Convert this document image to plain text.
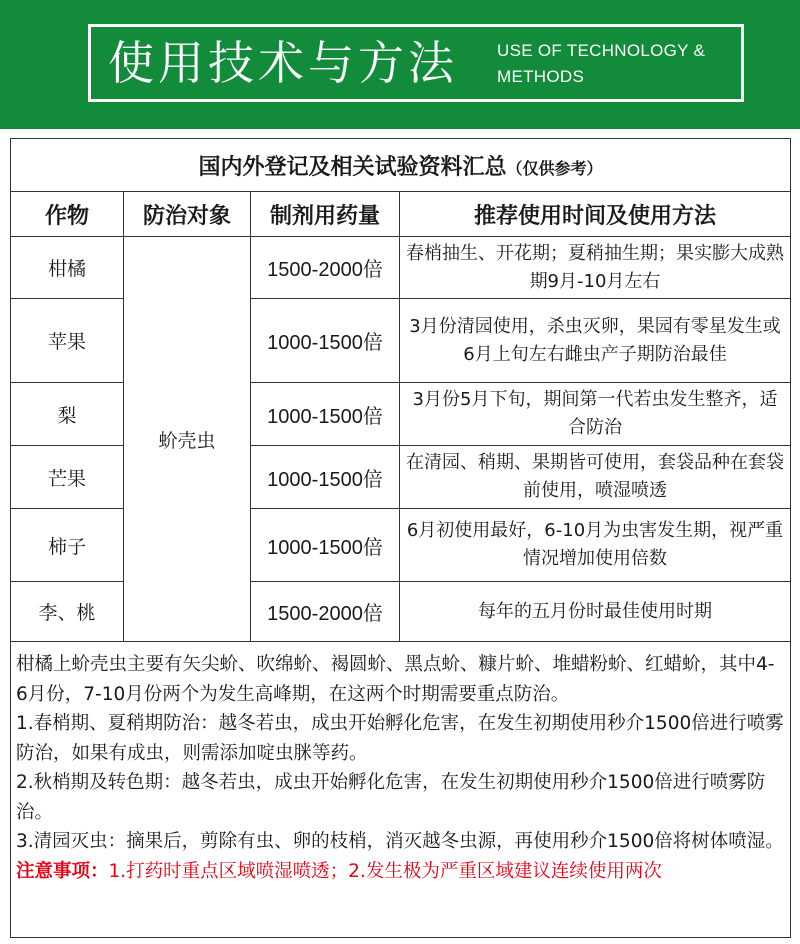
使用技术与方法 USE OF TECHNOLOGY &
METHODS
国内外登记及相关试验资料汇总（仅供参考）			
作物	防治对象	制剂用药量	推荐使用时间及使用方法
柑橘	蚧壳虫	1500-2000倍	春梢抽生、开花期；夏稍抽生期；果实膨大成熟期9月-10月左右
苹果		1000-1500倍	3月份清园使用，杀虫灭卵，果园有零星发生或6月上旬左右雌虫产子期防治最佳
梨		1000-1500倍	3月份5月下旬，期间第一代若虫发生整齐，适合防治
芒果		1000-1500倍	在清园、稍期、果期皆可使用，套袋品种在套袋前使用，喷湿喷透
柿子		1000-1500倍	6月初使用最好，6-10月为虫害发生期，视严重情况增加使用倍数
李、桃		1500-2000倍	每年的五月份时最佳使用时期

柑橘上蚧壳虫主要有矢尖蚧、吹绵蚧、褐圆蚧、黑点蚧、糠片蚧、堆蜡粉蚧、红蜡蚧，其中4-6月份，7-10月份两个为发生高峰期，在这两个时期需要重点防治。

1.春梢期、夏稍期防治：越冬若虫，成虫开始孵化危害，在发生初期使用秒介1500倍进行喷雾防治，如果有成虫，则需添加啶虫脒等药。

2.秋梢期及转色期：越冬若虫，成虫开始孵化危害，在发生初期使用秒介1500倍进行喷雾防治。

3.清园灭虫：摘果后，剪除有虫、卵的枝梢，消灭越冬虫源，再使用秒介1500倍将树体喷湿。

注意事项：1.打药时重点区域喷湿喷透；2.发生极为严重区域建议连续使用两次
